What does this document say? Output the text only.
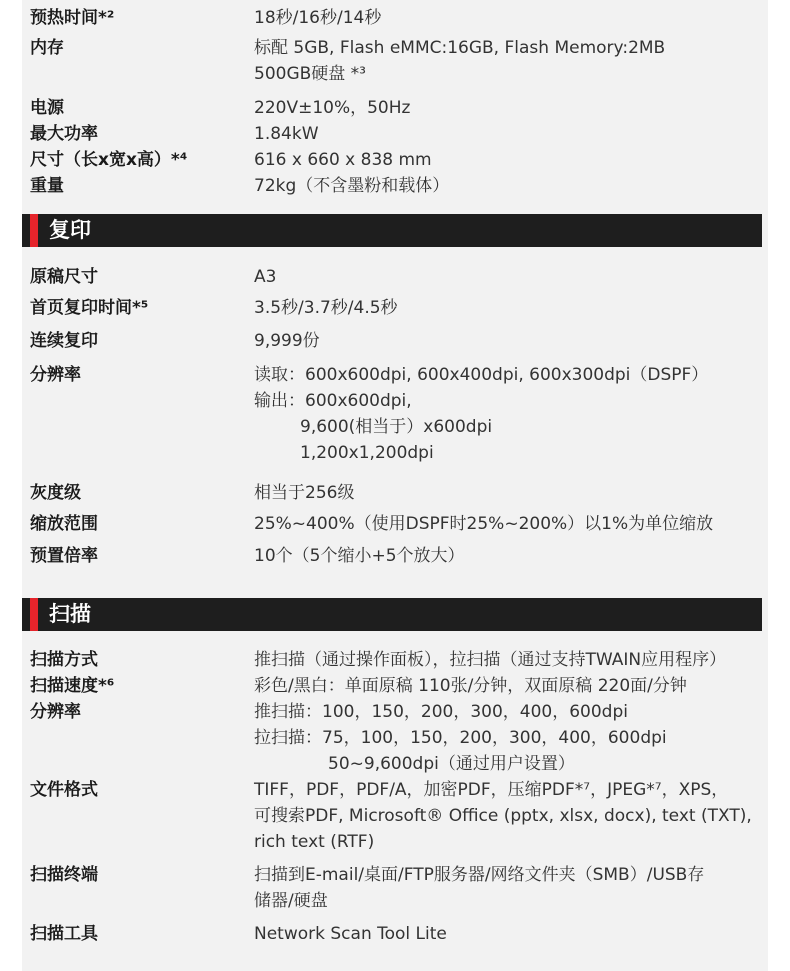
预热时间*²	18秒/16秒/14秒
内存	标配 5GB, Flash eMMC:16GB, Flash Memory:2MB
500GB硬盘 *³
电源	220V±10%，50Hz
最大功率	1.84kW
尺寸（长x宽x高）*⁴	616 x 660 x 838 mm
重量	72kg（不含墨粉和载体）
复印
原稿尺寸	A3
首页复印时间*⁵	3.5秒/3.7秒/4.5秒
连续复印	9,999份
分辨率	读取：600x600dpi, 600x400dpi, 600x300dpi（DSPF）
输出：600x600dpi,
9,600(相当于）x600dpi
1,200x1,200dpi
灰度级	相当于256级
缩放范围	25%~400%（使用DSPF时25%~200%）以1%为单位缩放
预置倍率	10个（5个缩小+5个放大）
扫描
扫描方式	推扫描（通过操作面板），拉扫描（通过支持TWAIN应用程序）
扫描速度*⁶	彩色/黑白：单面原稿 110张/分钟，双面原稿 220面/分钟
分辨率	推扫描：100，150，200，300，400，600dpi
拉扫描：75，100，150，200，300，400，600dpi
50~9,600dpi（通过用户设置）
文件格式	TIFF，PDF，PDF/A，加密PDF，压缩PDF*⁷，JPEG*⁷，XPS，
可搜索PDF, Microsoft® Office (pptx, xlsx, docx), text (TXT),
rich text (RTF)
扫描终端	扫描到E-mail/桌面/FTP服务器/网络文件夹（SMB）/USB存
储器/硬盘
扫描工具	Network Scan Tool Lite
